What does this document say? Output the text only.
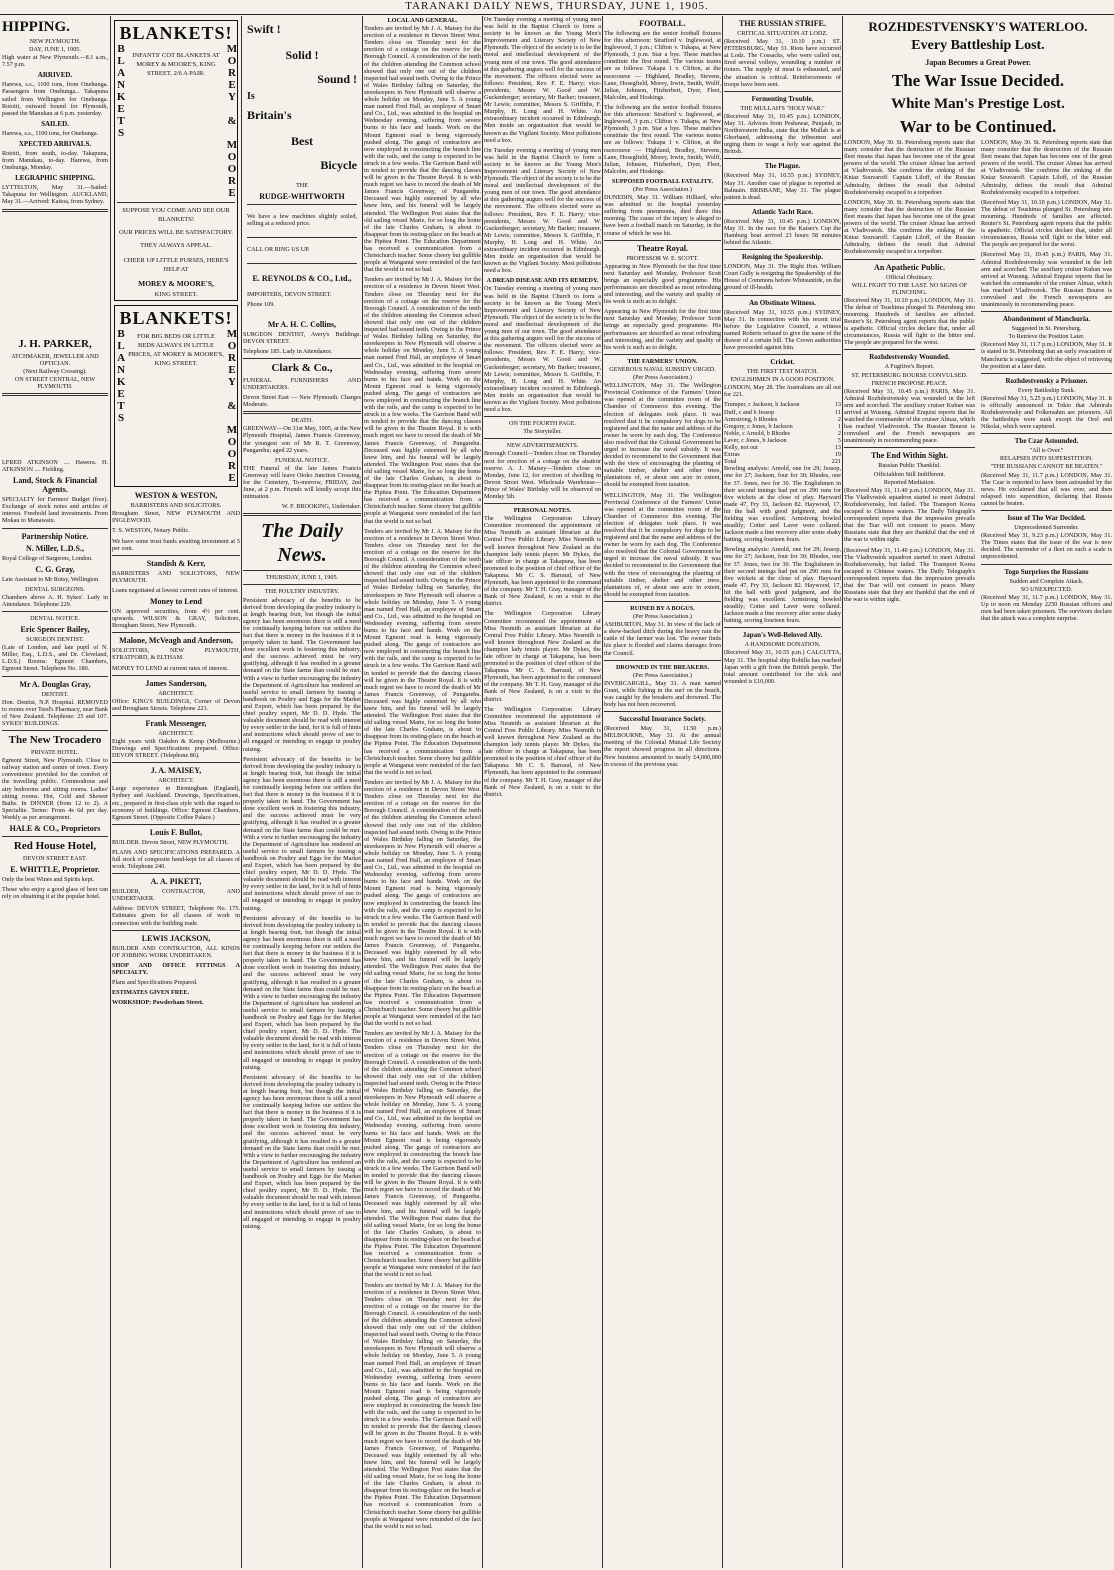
TARANAKI DAILY NEWS, THURSDAY, JUNE 1, 1905.
HIPPING.
NEW PLYMOUTH.
DAY, JUNE 1, 1905.

High water at New Plymouth.—8.1 a.m., 7.57 p.m.

ARRIVED.

Harewa, s.s., 1100 tons, from Onehunga. Passengers from Onehunga... Takapuna sailed from Wellington for Onehunga. Rotoiti, outward bound for Plymouth, passed the Manukau at 6 p.m. yesterday.

SAILED.

Harewa, s.s., 1100 tons, for Onehunga.

XPECTED ARRIVALS.

Rotoiti, from south, to-day. Takapuna, from Manukau, to-day. Harewa, from Onehunga, Monday.

LEGRAPHIC SHIPPING.

LYTTELTON, May 31.—Sailed: Takapuna for Wellington. AUCKLAND, May 31.—Arrived: Kaitoa, from Sydney.

J. H. PARKER,
ATCHMAKER, JEWELLER AND OPTICIAN.
(Next Railway Crossing).
ON STREET CENTRAL, NEW PLYMOUTH.

LFRED ATKINSON .... Hawera. H. ATKINSON .... Fielding.

Land, Stock & Financial Agents.

SPECIALTY for Farmers' Budget (free). Exchange of stock notes and articles of interest. Freehold land investments. From Mokau to Manawatu.

Partnership Notice.
N. Miller, L.D.S.,

Royal College of Surgeons, London.

C. G. Gray,

Late Assistant to Mr Rotsy, Wellington.

DENTAL SURGEONS.

Chambers above A. H. Sykes'. Lady in Attendance. Telephone 229.

DENTAL NOTICE.
Eric Spencer Bailey,
SURGEON DENTIST.

(Late of London, and late pupil of N. Miller, Esq., L.D.S., and Dr. Cleveland, L.D.S.) Rooms: Egmont Chambers, Egmont Street. Telephone No. 180.

Mr A. Douglas Gray,
DENTIST.

Hon. Dentist, N.P. Hospital. REMOVED to rooms over Teed's Pharmacy, near Bank of New Zealand. Telephone: 25 and 107. SYKES' BUILDINGS.

The New Trocadero
PRIVATE HOTEL.

Egmont Street, New Plymouth. Close to railway station and centre of town. Every convenience provided for the comfort of the travelling public. Commodious and airy bedrooms and sitting rooms. Ladies' sitting rooms. Hot, Cold and Shower Baths. In DINNER (from 12 to 2). A Specialite. Terms: From 4s 6d per day. Weekly as per arrangement.

HALE & CO., Proprietors
Red House Hotel,
DEVON STREET EAST.
E. WHITTLE, Proprietor.

Only the best Wines and Spirits kept.

Those who enjoy a good glass of beer can rely on obtaining it at the popular hotel.

BLANKETS!
BLANKETS INFANTS' COT BLANKETS AT MOREY & MOORE'S, KING STREET, 2/6 A PAIR.	MOREY & MOORE
SUPPOSE YOU COME AND SEE OUR BLANKETS!
OUR PRICES WILL BE SATISFACTORY.
THEY ALWAYS APPEAL.
CHEER UP LITTLE PURSES, HERE'S HELP AT
MOREY & MOORE'S,
KING STREET.
BLANKETS!
BLANKETS	FOR BIG BEDS OR LITTLE BEDS ALWAYS IN LITTLE PRICES, AT MOREY & MOORE'S, KING STREET.	MOREY & MOORE
WESTON & WESTON,
BARRISTERS AND SOLICITORS.

Brougham Street, NEW PLYMOUTH AND INGLEWOOD.

T. S. WESTON, Notary Public.

We have some trust funds awaiting investment at 5 per cent.

Standish & Kerr,

BARRISTERS AND SOLICITORS, NEW PLYMOUTH.

Loans negotiated at lowest current rates of interest.

Money to Lend

ON approved securities, from 4½ per cent. upwards. WILSON & GRAY, Solicitors, Brougham Street, New Plymouth.

Malone, McVeagh and Anderson,

SOLICITORS, NEW PLYMOUTH, STRATFORD, & ELTHAM.

MONEY TO LEND at current rates of interest.

James Sanderson,
ARCHITECT.

Office: KING'S BUILDINGS, Corner of Devon and Brougham Streets. Telephone 223.

Frank Messenger,
ARCHITECT.

Eight years with Oakden & Kemp (Melbourne.) Drawings and Specifications prepared. Office: DEVON STREET. (Telephone 86).

J. A. MAISEY,
ARCHITECT.

Large experience in Birmingham (England), Sydney and Auckland. Drawings, Specifications, etc., prepared in first-class style with due regard to economy of buildings. Office: Egmont Chambers, Egmont Street. (Opposite Coffee Palace.)

Louis F. Bullot,

BUILDER. Devon Street, NEW PLYMOUTH.

PLANS AND SPECIFICATIONS PREPARED. A full stock of composite hand-kept for all classes of work. Telephone 240.

A. A. PIKETT,

BUILDER, CONTRACTOR, AND UNDERTAKER.

Address: DEVON STREET, Telephone No. 175. Estimates given for all classes of work in connection with the building trade.

LEWIS JACKSON,

BUILDER AND CONTRACTOR, ALL KINDS OF JOBBING WORK UNDERTAKEN.

SHOP AND OFFICE FITTINGS A SPECIALTY.

Plans and Specifications Prepared.

ESTIMATES GIVEN FREE.

WORKSHOP: Powderham Street.

Swift !
Solid !
Sound !
Is
Britain's
Best
Bicycle
THE
RUDGE-WHITWORTH

We have a few machines slightly soiled, selling at a reduced price.

CALL OR RING US UP.

E. REYNOLDS & CO., Ltd.,

IMPORTERS, DEVON STREET.

Phone 109.

Mr A. H. C. Collins,

SURGEON DENTIST, Avery's Buildings. DEVON STREET.

Telephone 185. Lady in Attendance.

Clark & Co.,

FUNERAL FURNISHERS AND UNDERTAKERS.

Devon Street East — New Plymouth. Charges Moderate.

DEATH.

GREENWAY—On 31st May, 1905, at the New Plymouth Hospital, James Francis Greenway, the youngest son of Mr R. T. Greenway, Pungarehu; aged 22 years.

FUNERAL NOTICE.

THE Funeral of the late James Francis Greenway will leave Otoko Junction Crossing, for the Cemetery, To-morrow, FRIDAY, 2nd June, at 2 p.m. Friends will kindly accept this intimation.

W. F. BROOKING, Undertaker.

The Daily News.
THURSDAY, JUNE 1, 1905.
THE POULTRY INDUSTRY.

Persistent advocacy of the benefits to be derived from developing the poultry industry is at length bearing fruit, but though the initial agency has been enormous there is still a need for continually keeping before our settlers the fact that there is money in the business if it is properly taken in hand. The Government has done excellent work in fostering this industry, and the success achieved must be very gratifying, although it has resulted in a greater demand on the State farms than could be met. With a view to further encouraging the industry the Department of Agriculture has rendered an useful service to small farmers by issuing a handbook on Poultry and Eggs for the Market and Export, which has been prepared by the chief poultry expert, Mr D. D. Hyde. The valuable document should be read with interest by every settler in the land, for it is full of hints and instructions which should prove of use to all engaged or intending to engage in poultry raising.

Persistent advocacy of the benefits to be derived from developing the poultry industry is at length bearing fruit, but though the initial agency has been enormous there is still a need for continually keeping before our settlers the fact that there is money in the business if it is properly taken in hand. The Government has done excellent work in fostering this industry, and the success achieved must be very gratifying, although it has resulted in a greater demand on the State farms than could be met. With a view to further encouraging the industry the Department of Agriculture has rendered an useful service to small farmers by issuing a handbook on Poultry and Eggs for the Market and Export, which has been prepared by the chief poultry expert, Mr D. D. Hyde. The valuable document should be read with interest by every settler in the land, for it is full of hints and instructions which should prove of use to all engaged or intending to engage in poultry raising.

Persistent advocacy of the benefits to be derived from developing the poultry industry is at length bearing fruit, but though the initial agency has been enormous there is still a need for continually keeping before our settlers the fact that there is money in the business if it is properly taken in hand. The Government has done excellent work in fostering this industry, and the success achieved must be very gratifying, although it has resulted in a greater demand on the State farms than could be met. With a view to further encouraging the industry the Department of Agriculture has rendered an useful service to small farmers by issuing a handbook on Poultry and Eggs for the Market and Export, which has been prepared by the chief poultry expert, Mr D. D. Hyde. The valuable document should be read with interest by every settler in the land, for it is full of hints and instructions which should prove of use to all engaged or intending to engage in poultry raising.

Persistent advocacy of the benefits to be derived from developing the poultry industry is at length bearing fruit, but though the initial agency has been enormous there is still a need for continually keeping before our settlers the fact that there is money in the business if it is properly taken in hand. The Government has done excellent work in fostering this industry, and the success achieved must be very gratifying, although it has resulted in a greater demand on the State farms than could be met. With a view to further encouraging the industry the Department of Agriculture has rendered an useful service to small farmers by issuing a handbook on Poultry and Eggs for the Market and Export, which has been prepared by the chief poultry expert, Mr D. D. Hyde. The valuable document should be read with interest by every settler in the land, for it is full of hints and instructions which should prove of use to all engaged or intending to engage in poultry raising.

LOCAL AND GENERAL.

Tenders are invited by Mr J. A. Maisey for the erection of a residence in Devon Street West. Tenders close on Thursday next for the erection of a cottage on the reserve for the Borough Council. A consideration of the teeth of the children attending the Common school showed that only one out of the children inspected had sound teeth. Owing to the Prince of Wales Birthday falling on Saturday, the storekeepers in New Plymouth will observe a whole holiday on Monday, June 5. A young man named Fred Hall, an employee of Smart and Co., Ltd., was admitted to the hospital on Wednesday evening, suffering from severe burns to his face and hands. Work on the Mount Egmont road is being vigorously pushed along. The gangs of contractors are now employed in constructing the branch line with the rails, and the camp is expected to be struck in a few weeks. The Garrison Band will in tended to provide that the dancing classes will be given in the Theatre Royal. It is with much regret we have to record the death of Mr James Francis Greenway, of Pungarehu. Deceased was highly esteemed by all who knew him, and his funeral will be largely attended. The Wellington Post states that the old sailing vessel Marie, for so long the home of the late Charles Graham, is about to disappear from its resting-place on the beach at the Pipitea Point. The Education Department has received a communication from a Christchurch teacher. Some cheery but gullible people at Wanganui were reminded of the fact that the world is not so bad.

Tenders are invited by Mr J. A. Maisey for the erection of a residence in Devon Street West. Tenders close on Thursday next for the erection of a cottage on the reserve for the Borough Council. A consideration of the teeth of the children attending the Common school showed that only one out of the children inspected had sound teeth. Owing to the Prince of Wales Birthday falling on Saturday, the storekeepers in New Plymouth will observe a whole holiday on Monday, June 5. A young man named Fred Hall, an employee of Smart and Co., Ltd., was admitted to the hospital on Wednesday evening, suffering from severe burns to his face and hands. Work on the Mount Egmont road is being vigorously pushed along. The gangs of contractors are now employed in constructing the branch line with the rails, and the camp is expected to be struck in a few weeks. The Garrison Band will in tended to provide that the dancing classes will be given in the Theatre Royal. It is with much regret we have to record the death of Mr James Francis Greenway, of Pungarehu. Deceased was highly esteemed by all who knew him, and his funeral will be largely attended. The Wellington Post states that the old sailing vessel Marie, for so long the home of the late Charles Graham, is about to disappear from its resting-place on the beach at the Pipitea Point. The Education Department has received a communication from a Christchurch teacher. Some cheery but gullible people at Wanganui were reminded of the fact that the world is not so bad.

Tenders are invited by Mr J. A. Maisey for the erection of a residence in Devon Street West. Tenders close on Thursday next for the erection of a cottage on the reserve for the Borough Council. A consideration of the teeth of the children attending the Common school showed that only one out of the children inspected had sound teeth. Owing to the Prince of Wales Birthday falling on Saturday, the storekeepers in New Plymouth will observe a whole holiday on Monday, June 5. A young man named Fred Hall, an employee of Smart and Co., Ltd., was admitted to the hospital on Wednesday evening, suffering from severe burns to his face and hands. Work on the Mount Egmont road is being vigorously pushed along. The gangs of contractors are now employed in constructing the branch line with the rails, and the camp is expected to be struck in a few weeks. The Garrison Band will in tended to provide that the dancing classes will be given in the Theatre Royal. It is with much regret we have to record the death of Mr James Francis Greenway, of Pungarehu. Deceased was highly esteemed by all who knew him, and his funeral will be largely attended. The Wellington Post states that the old sailing vessel Marie, for so long the home of the late Charles Graham, is about to disappear from its resting-place on the beach at the Pipitea Point. The Education Department has received a communication from a Christchurch teacher. Some cheery but gullible people at Wanganui were reminded of the fact that the world is not so bad.

Tenders are invited by Mr J. A. Maisey for the erection of a residence in Devon Street West. Tenders close on Thursday next for the erection of a cottage on the reserve for the Borough Council. A consideration of the teeth of the children attending the Common school showed that only one out of the children inspected had sound teeth. Owing to the Prince of Wales Birthday falling on Saturday, the storekeepers in New Plymouth will observe a whole holiday on Monday, June 5. A young man named Fred Hall, an employee of Smart and Co., Ltd., was admitted to the hospital on Wednesday evening, suffering from severe burns to his face and hands. Work on the Mount Egmont road is being vigorously pushed along. The gangs of contractors are now employed in constructing the branch line with the rails, and the camp is expected to be struck in a few weeks. The Garrison Band will in tended to provide that the dancing classes will be given in the Theatre Royal. It is with much regret we have to record the death of Mr James Francis Greenway, of Pungarehu. Deceased was highly esteemed by all who knew him, and his funeral will be largely attended. The Wellington Post states that the old sailing vessel Marie, for so long the home of the late Charles Graham, is about to disappear from its resting-place on the beach at the Pipitea Point. The Education Department has received a communication from a Christchurch teacher. Some cheery but gullible people at Wanganui were reminded of the fact that the world is not so bad.

Tenders are invited by Mr J. A. Maisey for the erection of a residence in Devon Street West. Tenders close on Thursday next for the erection of a cottage on the reserve for the Borough Council. A consideration of the teeth of the children attending the Common school showed that only one out of the children inspected had sound teeth. Owing to the Prince of Wales Birthday falling on Saturday, the storekeepers in New Plymouth will observe a whole holiday on Monday, June 5. A young man named Fred Hall, an employee of Smart and Co., Ltd., was admitted to the hospital on Wednesday evening, suffering from severe burns to his face and hands. Work on the Mount Egmont road is being vigorously pushed along. The gangs of contractors are now employed in constructing the branch line with the rails, and the camp is expected to be struck in a few weeks. The Garrison Band will in tended to provide that the dancing classes will be given in the Theatre Royal. It is with much regret we have to record the death of Mr James Francis Greenway, of Pungarehu. Deceased was highly esteemed by all who knew him, and his funeral will be largely attended. The Wellington Post states that the old sailing vessel Marie, for so long the home of the late Charles Graham, is about to disappear from its resting-place on the beach at the Pipitea Point. The Education Department has received a communication from a Christchurch teacher. Some cheery but gullible people at Wanganui were reminded of the fact that the world is not so bad.

Tenders are invited by Mr J. A. Maisey for the erection of a residence in Devon Street West. Tenders close on Thursday next for the erection of a cottage on the reserve for the Borough Council. A consideration of the teeth of the children attending the Common school showed that only one out of the children inspected had sound teeth. Owing to the Prince of Wales Birthday falling on Saturday, the storekeepers in New Plymouth will observe a whole holiday on Monday, June 5. A young man named Fred Hall, an employee of Smart and Co., Ltd., was admitted to the hospital on Wednesday evening, suffering from severe burns to his face and hands. Work on the Mount Egmont road is being vigorously pushed along. The gangs of contractors are now employed in constructing the branch line with the rails, and the camp is expected to be struck in a few weeks. The Garrison Band will in tended to provide that the dancing classes will be given in the Theatre Royal. It is with much regret we have to record the death of Mr James Francis Greenway, of Pungarehu. Deceased was highly esteemed by all who knew him, and his funeral will be largely attended. The Wellington Post states that the old sailing vessel Marie, for so long the home of the late Charles Graham, is about to disappear from its resting-place on the beach at the Pipitea Point. The Education Department has received a communication from a Christchurch teacher. Some cheery but gullible people at Wanganui were reminded of the fact that the world is not so bad.

On Tuesday evening a meeting of young men was held in the Baptist Church to form a society to be known as the Young Men's Improvement and Literary Society of New Plymouth. The object of the society is to be the moral and intellectual development of the young men of our town. The good attendance at this gathering augurs well for the success of the movement. The officers elected were as follows: President, Rev. F. E. Harry; vice-presidents, Messrs W. Good and W. Guckenberger; secretary, Mr Barker; treasurer, Mr Lewis; committee, Messrs S. Griffiths, F. Murphy, H. Long and H. White. An extraordinary incident occurred in Edinburgh. Men inside an organisation that would be known as the Vigilant Society. Most pollutions need a box.

On Tuesday evening a meeting of young men was held in the Baptist Church to form a society to be known as the Young Men's Improvement and Literary Society of New Plymouth. The object of the society is to be the moral and intellectual development of the young men of our town. The good attendance at this gathering augurs well for the success of the movement. The officers elected were as follows: President, Rev. F. E. Harry; vice-presidents, Messrs W. Good and W. Guckenberger; secretary, Mr Barker; treasurer, Mr Lewis; committee, Messrs S. Griffiths, F. Murphy, H. Long and H. White. An extraordinary incident occurred in Edinburgh. Men inside an organisation that would be known as the Vigilant Society. Most pollutions need a box.

A DREAD DISEASE AND ITS REMEDY.

On Tuesday evening a meeting of young men was held in the Baptist Church to form a society to be known as the Young Men's Improvement and Literary Society of New Plymouth. The object of the society is to be the moral and intellectual development of the young men of our town. The good attendance at this gathering augurs well for the success of the movement. The officers elected were as follows: President, Rev. F. E. Harry; vice-presidents, Messrs W. Good and W. Guckenberger; secretary, Mr Barker; treasurer, Mr Lewis; committee, Messrs S. Griffiths, F. Murphy, H. Long and H. White. An extraordinary incident occurred in Edinburgh. Men inside an organisation that would be known as the Vigilant Society. Most pollutions need a box.

ON THE FOURTH PAGE.
The Storyteller.
NEW ADVERTISEMENTS.

Borough Council—Tenders close on Thursday next for erection of a cottage on the abattoir reserve. A. J. Maisey—Tenders close on Monday, June 12, for erection of dwelling in Devon Street West. Wholesale Warehouse—Prince of Wales' Birthday will be observed on Monday 5th.

PERSONAL NOTES.

The Wellington Corporation Library Committee recommend the appointment of Miss Nesmith as assistant librarian at the Central Free Public Library. Miss Nesmith is well known throughout New Zealand as the champion lady tennis player. Mr Dykes, the late officer in charge at Takapuna, has been promoted to the position of chief officer of the Takapuna. Mr C. S. Barraud, of New Plymouth, has been appointed to the command of the company. Mr T. H. Gray, manager of the Bank of New Zealand, is on a visit to the district.

The Wellington Corporation Library Committee recommend the appointment of Miss Nesmith as assistant librarian at the Central Free Public Library. Miss Nesmith is well known throughout New Zealand as the champion lady tennis player. Mr Dykes, the late officer in charge at Takapuna, has been promoted to the position of chief officer of the Takapuna. Mr C. S. Barraud, of New Plymouth, has been appointed to the command of the company. Mr T. H. Gray, manager of the Bank of New Zealand, is on a visit to the district.

The Wellington Corporation Library Committee recommend the appointment of Miss Nesmith as assistant librarian at the Central Free Public Library. Miss Nesmith is well known throughout New Zealand as the champion lady tennis player. Mr Dykes, the late officer in charge at Takapuna, has been promoted to the position of chief officer of the Takapuna. Mr C. S. Barraud, of New Plymouth, has been appointed to the command of the company. Mr T. H. Gray, manager of the Bank of New Zealand, is on a visit to the district.

FOOTBALL.

The following are the senior football fixtures for this afternoon: Stratford v. Inglewood, at Inglewood, 3 p.m.; Clifton v. Tukapa, at New Plymouth, 3 p.m. Star a bye. These matches constitute the first round. The various teams are as follows: Tukapa 1 v. Clifton, at the racecourse — Highland, Bradley, Stevens, Lane, Hosegfield, Morey, Irwin, Smith, Wolff, Julian, Johnson, Fitzherbert, Dyer, Fleet, Malcolm, and Hoskings.

The following are the senior football fixtures for this afternoon: Stratford v. Inglewood, at Inglewood, 3 p.m.; Clifton v. Tukapa, at New Plymouth, 3 p.m. Star a bye. These matches constitute the first round. The various teams are as follows: Tukapa 1 v. Clifton, at the racecourse — Highland, Bradley, Stevens, Lane, Hosegfield, Morey, Irwin, Smith, Wolff, Julian, Johnson, Fitzherbert, Dyer, Fleet, Malcolm, and Hoskings.

SUPPOSED FOOTBALL FATALITY.
(Per Press Association.)

DUNEDIN, May 31. William Hilliard, who was admitted to the hospital yesterday suffering from pneumonia, died there this morning. The cause of the injury is alleged to have been a football match on Saturday, in the course of which he was hit.

Theatre Royal.
PROFESSOR W. E. SCOTT.

Appearing in New Plymouth for the first time next Saturday and Monday, Professor Scott brings an especially good programme. His performances are described as most refreshing and interesting, and the variety and quality of his work is such as to delight.

Appearing in New Plymouth for the first time next Saturday and Monday, Professor Scott brings an especially good programme. His performances are described as most refreshing and interesting, and the variety and quality of his work is such as to delight.

THE FARMERS' UNION.
GENEROUS NAVAL SUBSIDY URGED.
(Per Press Association.)

WELLINGTON, May 31. The Wellington Provincial Conference of the Farmers' Union was opened at the committee room of the Chamber of Commerce this evening. The election of delegates took place. It was resolved that it be compulsory for dogs to be registered and that the name and address of the owner be worn by each dog. The Conference also resolved that the Colonial Government be urged to increase the naval subsidy. It was decided to recommend to the Government that with the view of encouraging the planting of suitable timber, shelter and other trees, plantations of, or about one acre in extent, should be exempted from taxation.

WELLINGTON, May 31. The Wellington Provincial Conference of the Farmers' Union was opened at the committee room of the Chamber of Commerce this evening. The election of delegates took place. It was resolved that it be compulsory for dogs to be registered and that the name and address of the owner be worn by each dog. The Conference also resolved that the Colonial Government be urged to increase the naval subsidy. It was decided to recommend to the Government that with the view of encouraging the planting of suitable timber, shelter and other trees, plantations of, or about one acre in extent, should be exempted from taxation.

RUINED BY A BOGUS.
(Per Press Association.)

ASHBURTON, May 31. In view of the lack of a skew-backed ditch during the heavy rain the cattle of the farmer was lost. The owner finds his place is flooded and claims damages from the Council.

DROWNED IN THE BREAKERS.
(Per Press Association.)

INVERCARGILL, May 31. A man named Grant, while fishing in the surf on the beach, was caught by the breakers and drowned. The body has not been recovered.

Successful Insurance Society.

(Received May 31, 11.50 p.m.) MELBOURNE, May 31. At the annual meeting of the Colonial Mutual Life Society the report showed progress in all directions. New business amounted to nearly £4,000,000 in excess of the previous year.

THE RUSSIAN STRIFE.
CRITICAL SITUATION AT LODZ.

(Received May 31, 10.10 p.m.) ST. PETERSBURG, May 31. Riots have occurred at Lodz. The Cossacks, who were called out, fired several volleys, wounding a number of rioters. The supply of meat is exhausted, and the situation is critical. Reinforcements of troops have been sent.

Fermenting Trouble.
THE MULLAH'S "HOLY WAR."

(Received May 31, 10.45 p.m.) LONDON, May 31. Advices from Peshawar, Punjaub, in Northwestern India, state that the Mullah is at Ghorband, addressing the tribesmen and urging them to wage a holy war against the British.

The Plague.

(Received May 31, 10.55 p.m.) SYDNEY, May 31. Another case of plague is reported at Balmain. BRISBANE, May 31. The plague patient is dead.

Atlantic Yacht Race.

(Received May 31, 10.45 p.m.) LONDON, May 31. In the race for the Kaiser's Cup the Hamburg boat arrived 23 hours 58 minutes behind the Atlantic.

Resigning the Speakership.

LONDON, May 31. The Right Hon. William Court Gully is resigning the Speakership of the House of Commons before Whitsuntide, on the ground of ill-health.

An Obstinate Witness.

(Received May 31, 10.55 p.m.) SYDNEY, May 31. In connection with his recent trial before the Legislative Council, a witness named Roberts refused to give the name of the drawer of a certain bill. The Crown authorities have proceeded against him.

Cricket.
THE FIRST TEST MATCH.
ENGLISHMEN IN A GOOD POSITION.

LONDON, May 28. The Australians are all out for 221.

Trumper, c Jackson, b Jackson	13
Duff, c and b Jessop	11
Armstrong, b Rhodes	2
Gregory, c Jones, b Jackson	1
Noble, c Arnold, b Rhodes	2
Laver, c Jones, b Jackson	5
Kelly, not out	13
Extras	19
Total	221

Bowling analysis: Arnold, one for 29; Jessop, one for 27; Jackson, four for 30; Rhodes, one for 37. Jones, two for 30. The Englishmen in their second innings had put on 290 runs for five wickets at the close of play. Hayward made 47, Fry 33, Jackson 82. Haywood, 17, hit the ball with good judgment, and the fielding was excellent. Armstrong bowled steadily; Cotter and Laver were collared. Jackson made a fine recovery after some shaky batting, scoring fourteen fours.

Bowling analysis: Arnold, one for 29; Jessop, one for 27; Jackson, four for 30; Rhodes, one for 37. Jones, two for 30. The Englishmen in their second innings had put on 290 runs for five wickets at the close of play. Hayward made 47, Fry 33, Jackson 82. Haywood, 17, hit the ball with good judgment, and the fielding was excellent. Armstrong bowled steadily; Cotter and Laver were collared. Jackson made a fine recovery after some shaky batting, scoring fourteen fours.

Japan's Well-Beloved Ally.
A HANDSOME DONATION.

(Received May 31, 10.55 p.m.) CALCUTTA, May 31. The hospital ship Rohilla has reached Japan with a gift from the British people. The total amount contributed for the sick and wounded is £10,000.

ROZHDESTVENSKY'S WATERLOO.
Every Battleship Lost.
Japan Becomes a Great Power.
The War Issue Decided.
White Man's Prestige Lost.
War to be Continued.

LONDON, May 30. St. Petersburg reports state that many consider that the destruction of the Russian fleet means that Japan has become one of the great powers of the world. The cruiser Almaz has arrived at Vladivostok. She confirms the sinking of the Kniaz Souvaroff. Captain Liloff, of the Russian Admiralty, defines the result that Admiral Rozhdestvensky escaped to a torpedoer.

LONDON, May 30. St. Petersburg reports state that many consider that the destruction of the Russian fleet means that Japan has become one of the great powers of the world. The cruiser Almaz has arrived at Vladivostok. She confirms the sinking of the Kniaz Souvaroff. Captain Liloff, of the Russian Admiralty, defines the result that Admiral Rozhdestvensky escaped to a torpedoer.

An Apathetic Public.
Official Obstinacy.
WILL FIGHT TO THE LAST. NO SIGNS OF FLINCHING.

(Received May 31, 10.10 p.m.) LONDON, May 31. The defeat of Tsushima plunged St. Petersburg into mourning. Hundreds of families are affected. Reuter's St. Petersburg agent reports that the public is apathetic. Official circles declare that, under all circumstances, Russia will fight to the bitter end. The people are prepared for the worst.

Rozhdestvensky Wounded.
A Fugitive's Report.
ST. PETERSBURG BOURSE CONVULSED.
FRENCH PROPOSE PEACE.

(Received May 31, 10.45 p.m.) PARIS, May 31. Admiral Rozhdestvensky was wounded in the left arm and scorched. The auxiliary cruiser Kuban was arrived at Wusung. Admiral Enquist reports that he watched the commander of the cruiser Almaz, which has reached Vladivostok. The Russian Bourse is convulsed and the French newspapers are unanimously in recommending peace.

The End Within Sight.
Russian Public Thankful.
Officialdom Still Indifferent.
Reported Mediation.

(Received May 31, 11.40 p.m.) LONDON, May 31. The Vladivostok squadron started to meet Admiral Rozhdestvensky, but failed. The Transport Korea escaped to Chinese waters. The Daily Telegraph's correspondent reports that the impression prevails that the Tsar will not consent to peace. Many Russians state that they are thankful that the end of the war is within sight.

(Received May 31, 11.40 p.m.) LONDON, May 31. The Vladivostok squadron started to meet Admiral Rozhdestvensky, but failed. The Transport Korea escaped to Chinese waters. The Daily Telegraph's correspondent reports that the impression prevails that the Tsar will not consent to peace. Many Russians state that they are thankful that the end of the war is within sight.

LONDON, May 30. St. Petersburg reports state that many consider that the destruction of the Russian fleet means that Japan has become one of the great powers of the world. The cruiser Almaz has arrived at Vladivostok. She confirms the sinking of the Kniaz Souvaroff. Captain Liloff, of the Russian Admiralty, defines the result that Admiral Rozhdestvensky escaped to a torpedoer.

(Received May 31, 10.10 p.m.) LONDON, May 31. The defeat of Tsushima plunged St. Petersburg into mourning. Hundreds of families are affected. Reuter's St. Petersburg agent reports that the public is apathetic. Official circles declare that, under all circumstances, Russia will fight to the bitter end. The people are prepared for the worst.

(Received May 31, 10.45 p.m.) PARIS, May 31. Admiral Rozhdestvensky was wounded in the left arm and scorched. The auxiliary cruiser Kuban was arrived at Wusung. Admiral Enquist reports that he watched the commander of the cruiser Almaz, which has reached Vladivostok. The Russian Bourse is convulsed and the French newspapers are unanimously in recommending peace.

Abandonment of Manchuria.
Suggested in St. Petersburg.
To Retrieve the Position Later.

(Received May 31, 11.7 p.m.) LONDON, May 31. It is stated in St. Petersburg that an early evacuation of Manchuria is suggested, with the object of retrieving the position at a later date.

Rozhdestvensky a Prisoner.
Every Battleship Sunk.

(Received May 31, 5.25 p.m.) LONDON, May 31. It is officially announced in Tokio that Admirals Rozhdestvensky and Folkersahm are prisoners. All the battleships were sunk except the Orel and Nikolai, which were captured.

The Czar Astounded.
"All is Over."
RELAPSES INTO SUPERSTITION.
"THE RUSSIANS CANNOT BE BEATEN."

(Received May 31, 11.7 p.m.) LONDON, May 31. The Czar is reported to have been astounded by the news. He exclaimed that all was over, and then relapsed into superstition, declaring that Russia cannot be beaten.

Issue of The War Decided.
Unprecedented Surrender.

(Received May 31, 9.23 p.m.) LONDON, May 31. The Times states that the issue of the war is now decided. The surrender of a fleet on such a scale is unprecedented.

Togo Surprises the Russians
Sudden and Complete Attack.
SO UNEXPECTED.

(Received May 31, 11.7 p.m.) LONDON, May 31. Up to noon on Monday 2250 Russian officers and men had been taken prisoners. The survivors declare that the attack was a complete surprise.
